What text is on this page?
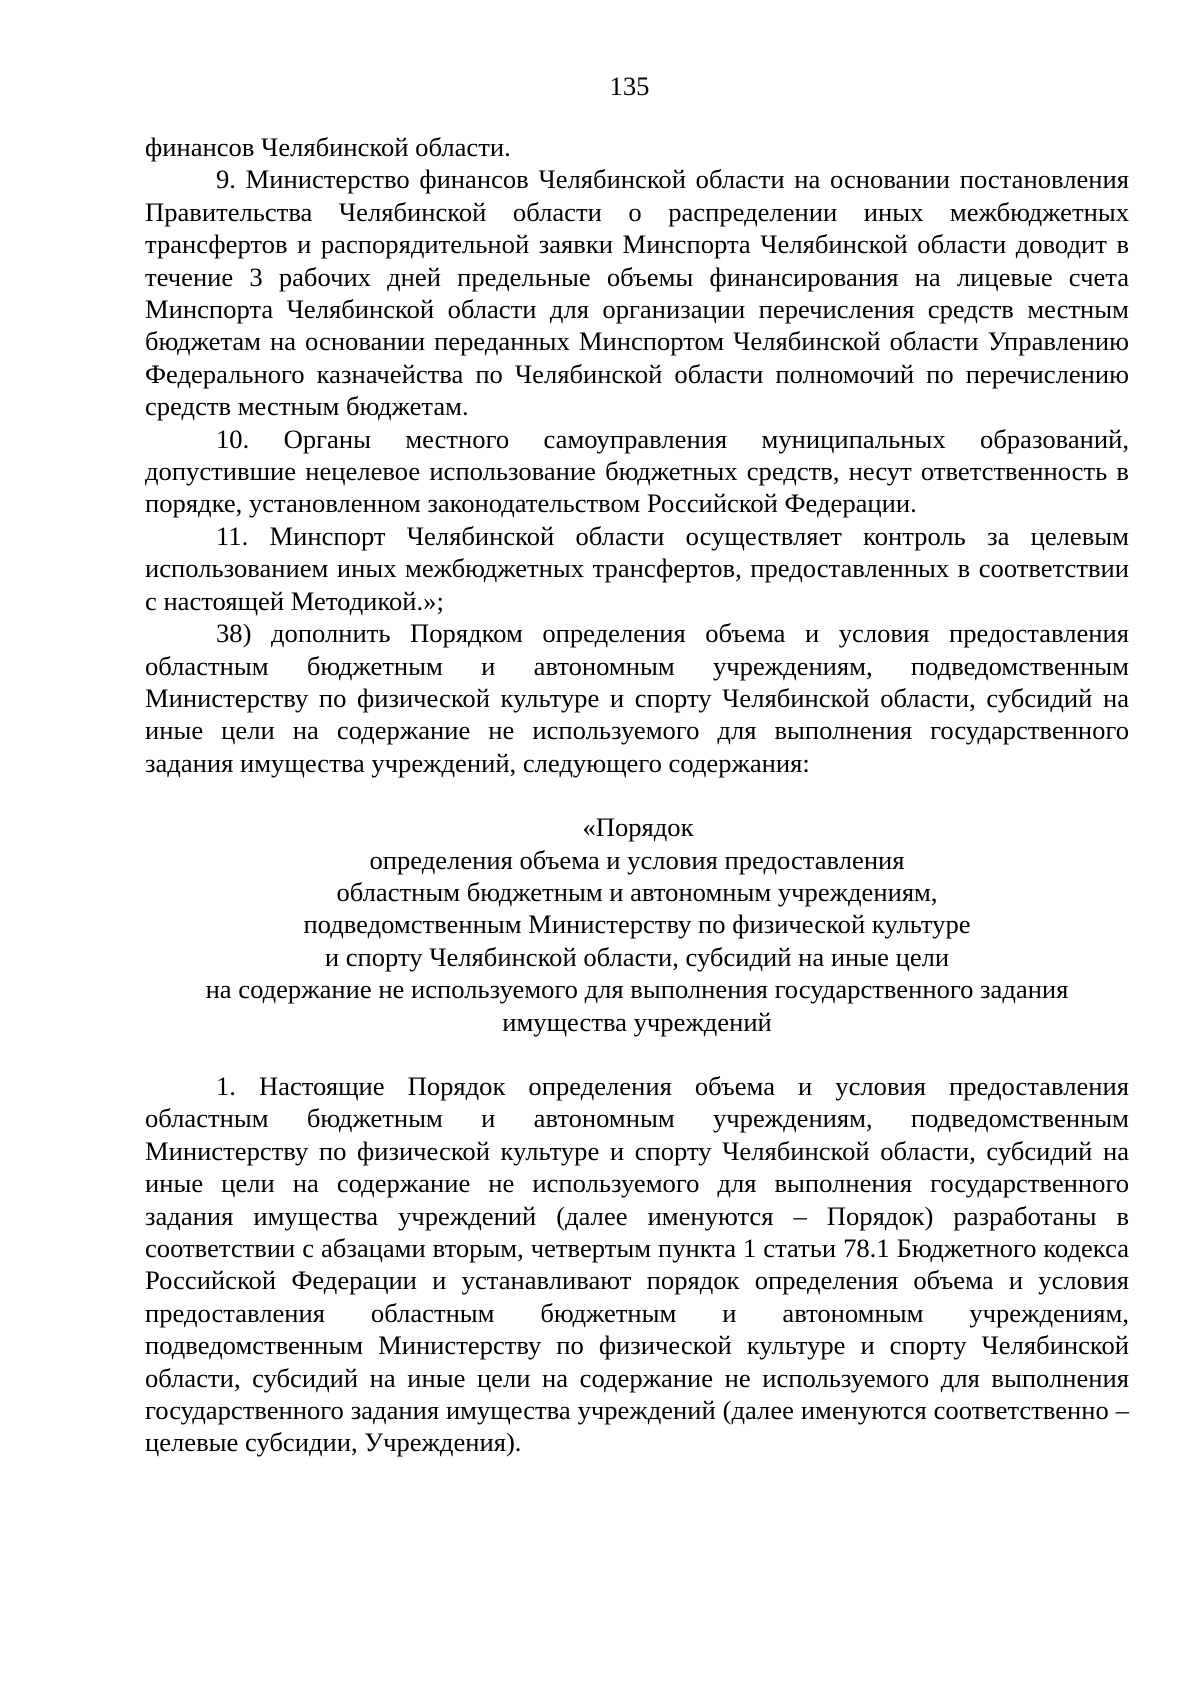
135

финансов Челябинской области.

9. Министерство финансов Челябинской области на основании постановления Правительства Челябинской области о распределении иных межбюджетных трансфертов и распорядительной заявки Минспорта Челябинской области доводит в течение 3 рабочих дней предельные объемы финансирования на лицевые счета Минспорта Челябинской области для организации перечисления средств местным бюджетам на основании переданных Минспортом Челябинской области Управлению Федерального казначейства по Челябинской области полномочий по перечислению средств местным бюджетам.

10. Органы местного самоуправления муниципальных образований, допустившие нецелевое использование бюджетных средств, несут ответственность в порядке, установленном законодательством Российской Федерации.

11. Минспорт Челябинской области осуществляет контроль за целевым использованием иных межбюджетных трансфертов, предоставленных в соответствии с настоящей Методикой.»;

38) дополнить Порядком определения объема и условия предоставления областным бюджетным и автономным учреждениям, подведомственным Министерству по физической культуре и спорту Челябинской области, субсидий на иные цели на содержание не используемого для выполнения государственного задания имущества учреждений, следующего содержания:

«Порядок
определения объема и условия предоставления
областным бюджетным и автономным учреждениям,
подведомственным Министерству по физической культуре
и спорту Челябинской области, субсидий на иные цели
на содержание не используемого для выполнения государственного задания
имущества учреждений

1. Настоящие Порядок определения объема и условия предоставления областным бюджетным и автономным учреждениям, подведомственным Министерству по физической культуре и спорту Челябинской области, субсидий на иные цели на содержание не используемого для выполнения государственного задания имущества учреждений (далее именуются – Порядок) разработаны в соответствии с абзацами вторым, четвертым пункта 1 статьи 78.1 Бюджетного кодекса Российской Федерации и устанавливают порядок определения объема и условия предоставления областным бюджетным и автономным учреждениям, подведомственным Министерству по физической культуре и спорту Челябинской области, субсидий на иные цели на содержание не используемого для выполнения государственного задания имущества учреждений (далее именуются соответственно – целевые субсидии, Учреждения).
